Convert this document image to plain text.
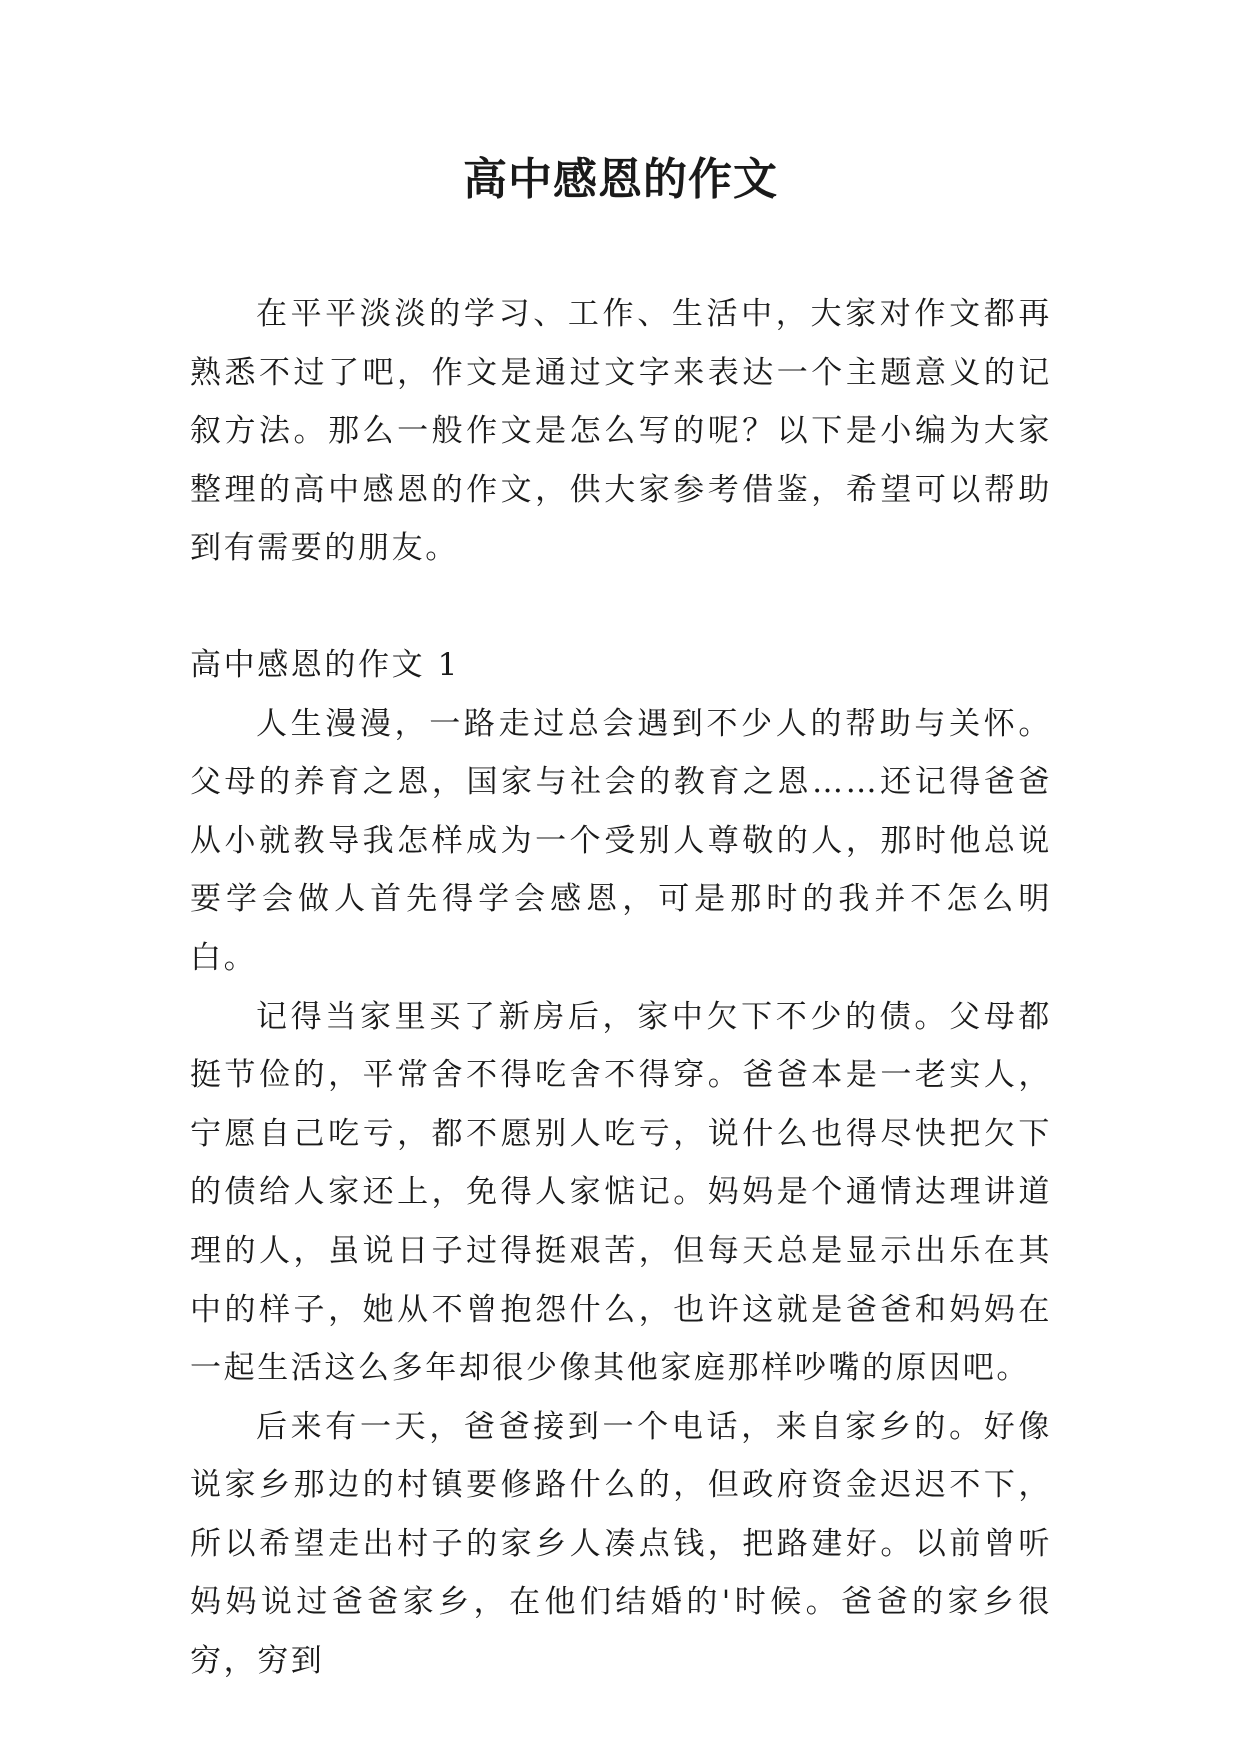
高中感恩的作文

在平平淡淡的学习、工作、生活中，大家对作文都再熟悉不过了吧，作文是通过文字来表达一个主题意义的记叙方法。那么一般作文是怎么写的呢？以下是小编为大家整理的高中感恩的作文，供大家参考借鉴，希望可以帮助到有需要的朋友。

高中感恩的作文 1

人生漫漫，一路走过总会遇到不少人的帮助与关怀。父母的养育之恩，国家与社会的教育之恩……还记得爸爸从小就教导我怎样成为一个受别人尊敬的人，那时他总说要学会做人首先得学会感恩，可是那时的我并不怎么明白。

记得当家里买了新房后，家中欠下不少的债。父母都挺节俭的，平常舍不得吃舍不得穿。爸爸本是一老实人，宁愿自己吃亏，都不愿别人吃亏，说什么也得尽快把欠下的债给人家还上，免得人家惦记。妈妈是个通情达理讲道理的人，虽说日子过得挺艰苦，但每天总是显示出乐在其中的样子，她从不曾抱怨什么，也许这就是爸爸和妈妈在一起生活这么多年却很少像其他家庭那样吵嘴的原因吧。

后来有一天，爸爸接到一个电话，来自家乡的。好像说家乡那边的村镇要修路什么的，但政府资金迟迟不下，所以希望走出村子的家乡人凑点钱，把路建好。以前曾听妈妈说过爸爸家乡，在他们结婚的'时候。爸爸的家乡很穷，穷到
